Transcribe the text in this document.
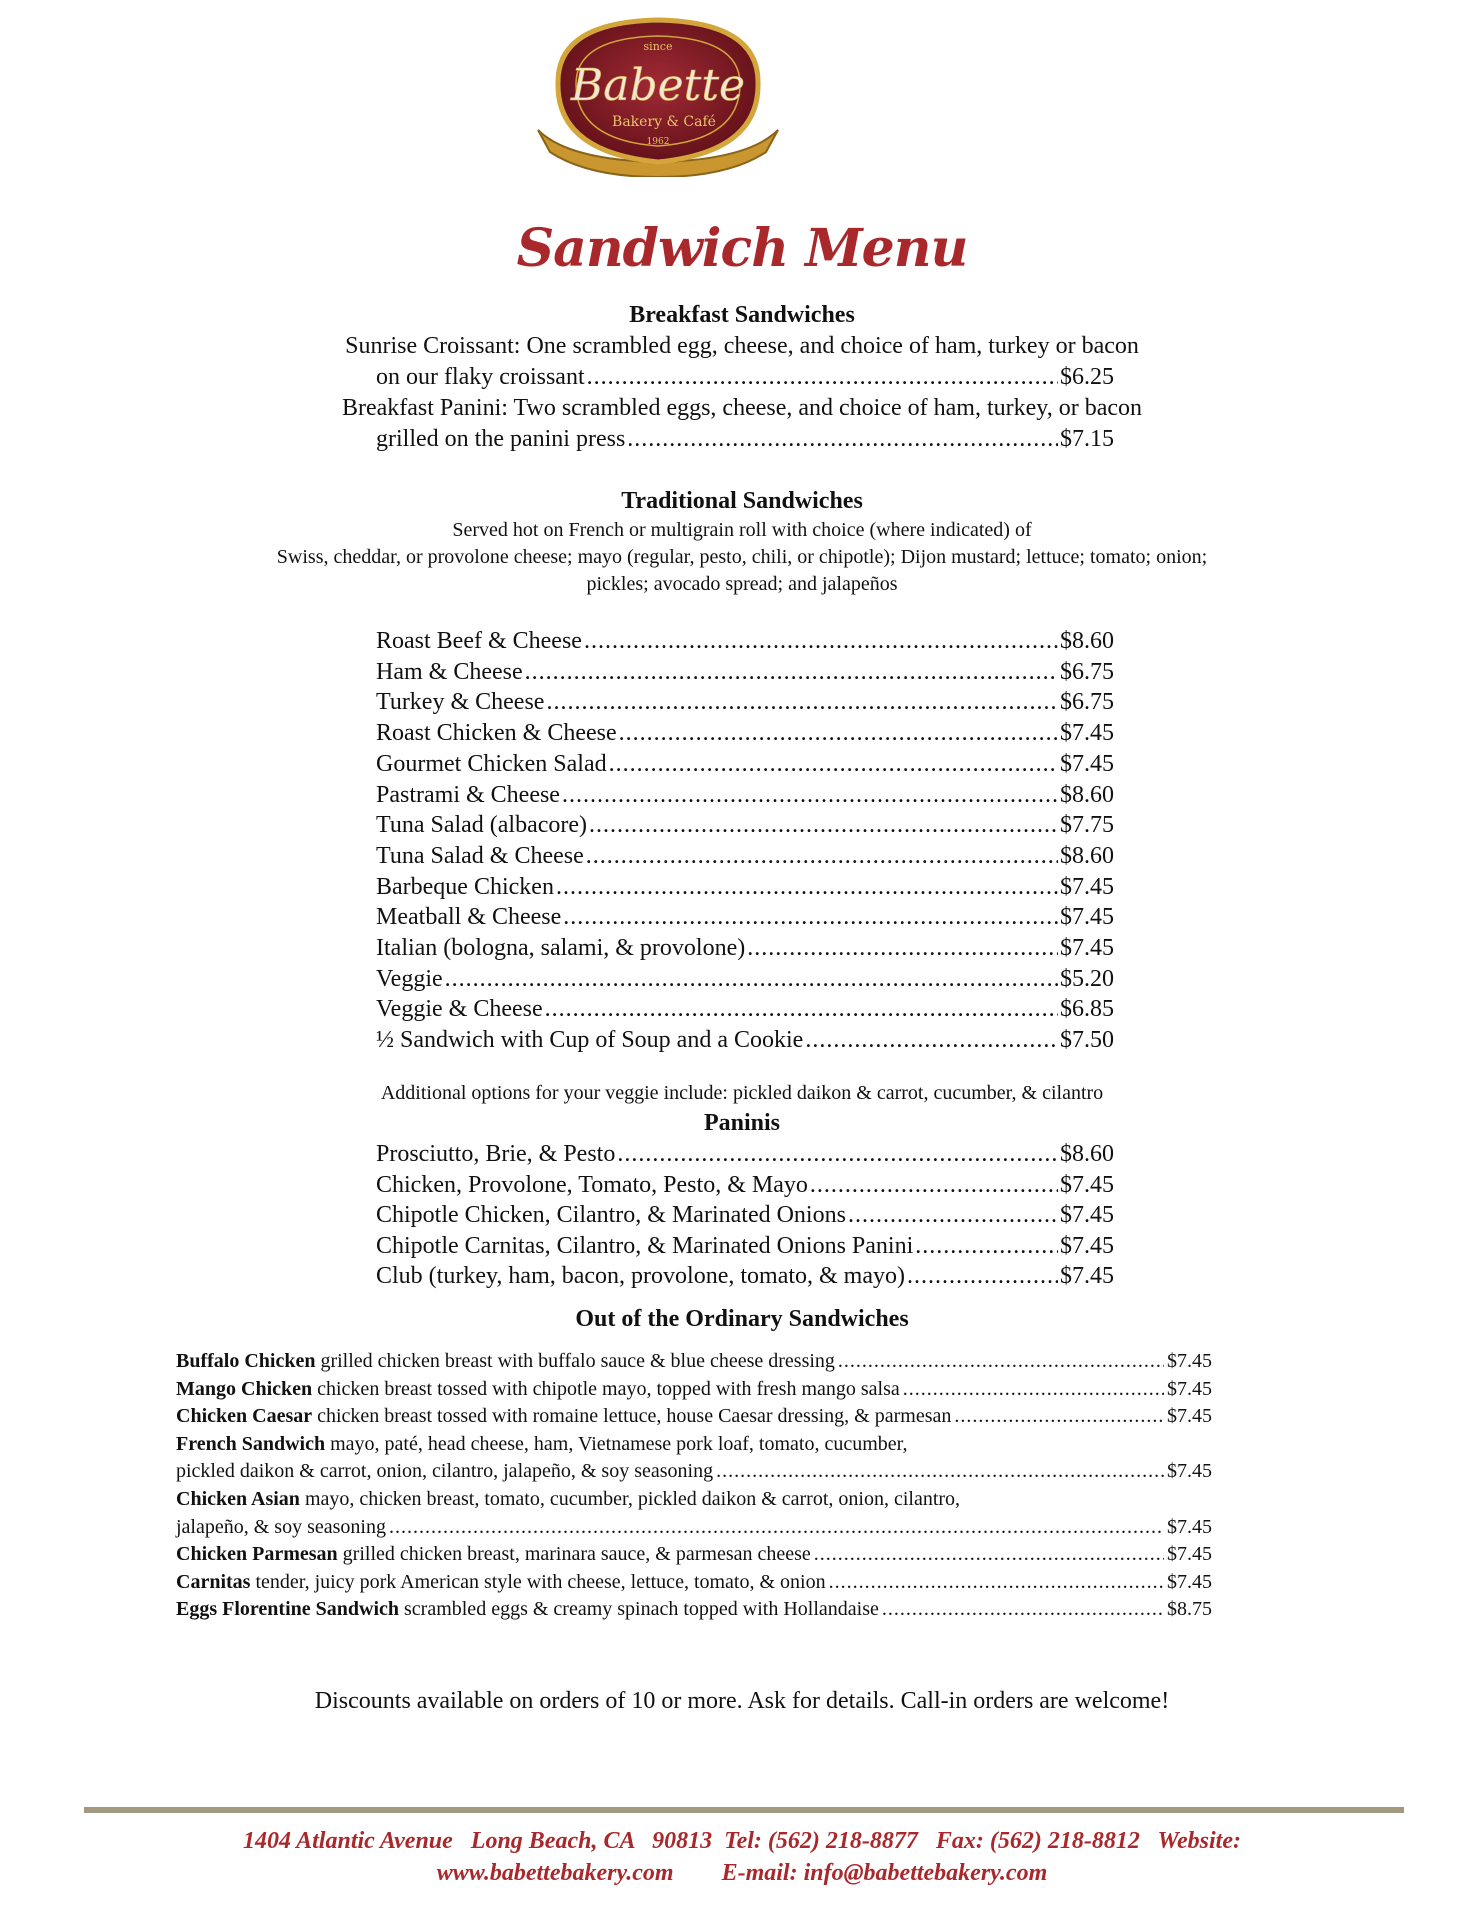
since
Babette
Bakery & Café
1962
Sandwich Menu
Breakfast Sandwiches
Sunrise Croissant: One scrambled egg, cheese, and choice of ham, turkey or bacon
on our flaky croissant .....	$6.25
Breakfast Panini: Two scrambled eggs, cheese, and choice of ham, turkey, or bacon
grilled on the panini press .....	$7.15
Traditional Sandwiches
Served hot on French or multigrain roll with choice (where indicated) of
Swiss, cheddar, or provolone cheese; mayo (regular, pesto, chili, or chipotle); Dijon mustard; lettuce; tomato; onion;
pickles; avocado spread; and jalapeños
Roast Beef & Cheese .....	$8.60
Ham & Cheese .....	$6.75
Turkey & Cheese .....	$6.75
Roast Chicken & Cheese .....	$7.45
Gourmet Chicken Salad .....	$7.45
Pastrami & Cheese .....	$8.60
Tuna Salad (albacore) .....	$7.75
Tuna Salad & Cheese .....	$8.60
Barbeque Chicken .....	$7.45
Meatball & Cheese .....	$7.45
Italian (bologna, salami, & provolone) .....	$7.45
Veggie .....	$5.20
Veggie & Cheese .....	$6.85
½ Sandwich with Cup of Soup and a Cookie .....	$7.50
Additional options for your veggie include: pickled daikon & carrot, cucumber, & cilantro
Paninis
Prosciutto, Brie, & Pesto .....	$8.60
Chicken, Provolone, Tomato, Pesto, & Mayo .....	$7.45
Chipotle Chicken, Cilantro, & Marinated Onions .....	$7.45
Chipotle Carnitas, Cilantro, & Marinated Onions Panini .....	$7.45
Club (turkey, ham, bacon, provolone, tomato, & mayo) .....	$7.45
Out of the Ordinary Sandwiches
Buffalo Chicken grilled chicken breast with buffalo sauce & blue cheese dressing .....	$7.45
Mango Chicken chicken breast tossed with chipotle mayo, topped with fresh mango salsa .....	$7.45
Chicken Caesar chicken breast tossed with romaine lettuce, house Caesar dressing, & parmesan .....	$7.45
French Sandwich mayo, paté, head cheese, ham, Vietnamese pork loaf, tomato, cucumber,
pickled daikon & carrot, onion, cilantro, jalapeño, & soy seasoning .....	$7.45
Chicken Asian mayo, chicken breast, tomato, cucumber, pickled daikon & carrot, onion, cilantro,
jalapeño, & soy seasoning .....	$7.45
Chicken Parmesan grilled chicken breast, marinara sauce, & parmesan cheese .....	$7.45
Carnitas tender, juicy pork American style with cheese, lettuce, tomato, & onion .....	$7.45
Eggs Florentine Sandwich scrambled eggs & creamy spinach topped with Hollandaise .....	$8.75
Discounts available on orders of 10 or more. Ask for details. Call-in orders are welcome!
1404 Atlantic Avenue   Long Beach, CA   90813  Tel: (562) 218-8877   Fax: (562) 218-8812   Website:
www.babettebakery.com        E-mail: info@babettebakery.com
